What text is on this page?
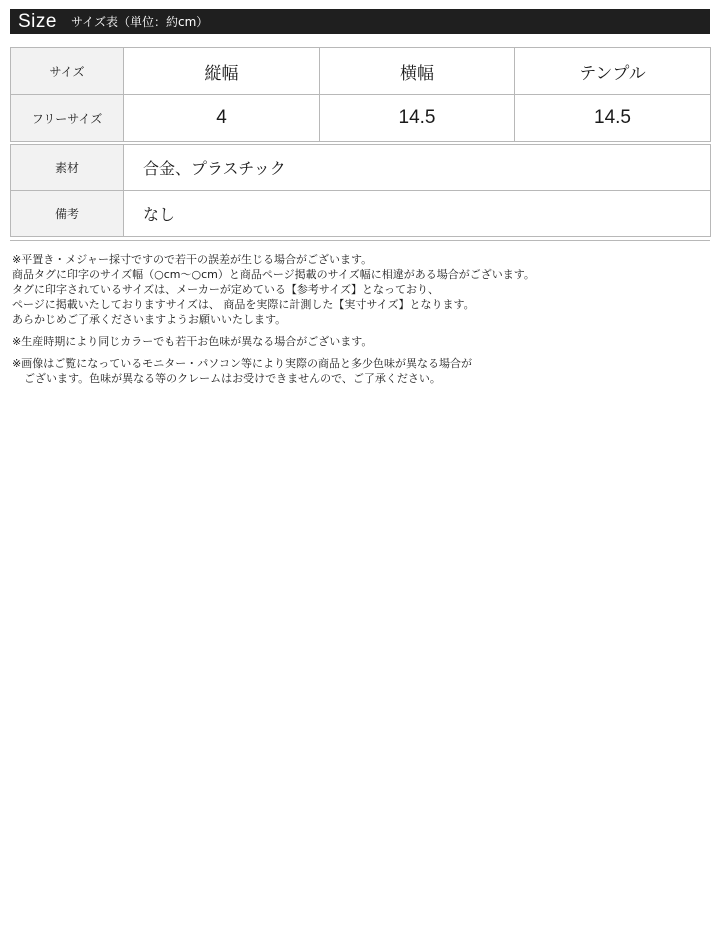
Size サイズ表（単位：約cm）
サイズ	縦幅	横幅	テンプル
フリーサイズ	4	14.5	14.5
素材	合金、プラスチック
備考	なし

※平置き・メジャー採寸ですので若干の誤差が生じる場合がございます。

商品タグに印字のサイズ幅（○cm〜○cm）と商品ページ掲載のサイズ幅に相違がある場合がございます。

タグに印字されているサイズは、メーカーが定めている【参考サイズ】となっており、

ページに掲載いたしておりますサイズは、 商品を実際に計測した【実寸サイズ】となります。

あらかじめご了承くださいますようお願いいたします。

※生産時期により同じカラーでも若干お色味が異なる場合がございます。

※画像はご覧になっているモニター・パソコン等により実際の商品と多少色味が異なる場合が

ございます。色味が異なる等のクレームはお受けできませんので、ご了承ください。
